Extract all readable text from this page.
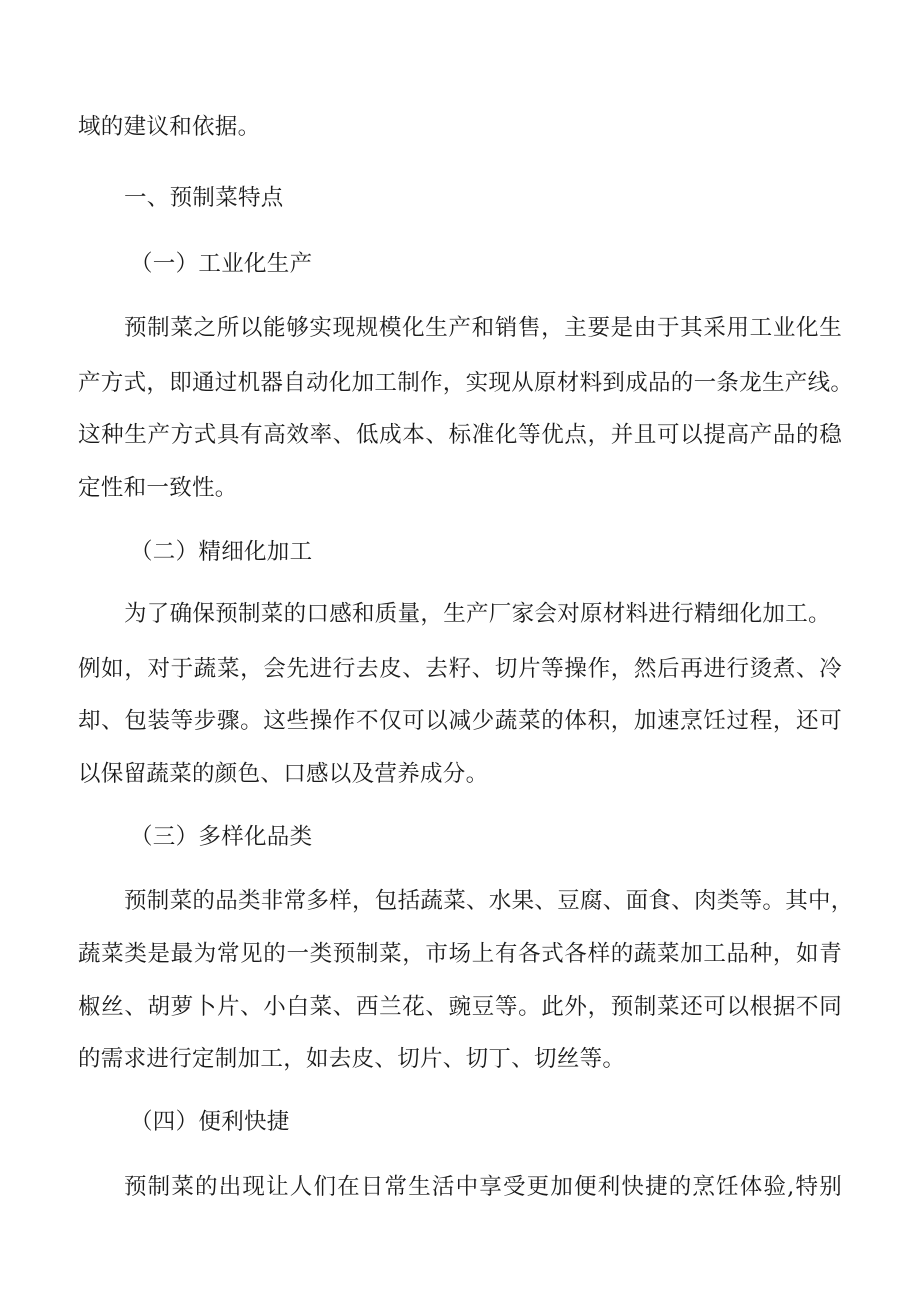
域的建议和依据。
一、预制菜特点
（一）工业化生产
预制菜之所以能够实现规模化生产和销售，主要是由于其采用工业化生
产方式，即通过机器自动化加工制作，实现从原材料到成品的一条龙生产线。
这种生产方式具有高效率、低成本、标准化等优点，并且可以提高产品的稳
定性和一致性。
（二）精细化加工
为了确保预制菜的口感和质量，生产厂家会对原材料进行精细化加工。
例如，对于蔬菜，会先进行去皮、去籽、切片等操作，然后再进行烫煮、冷
却、包装等步骤。这些操作不仅可以减少蔬菜的体积，加速烹饪过程，还可
以保留蔬菜的颜色、口感以及营养成分。
（三）多样化品类
预制菜的品类非常多样，包括蔬菜、水果、豆腐、面食、肉类等。其中，
蔬菜类是最为常见的一类预制菜，市场上有各式各样的蔬菜加工品种，如青
椒丝、胡萝卜片、小白菜、西兰花、豌豆等。此外，预制菜还可以根据不同
的需求进行定制加工，如去皮、切片、切丁、切丝等。
（四）便利快捷
预制菜的出现让人们在日常生活中享受更加便利快捷的烹饪体验,特别
